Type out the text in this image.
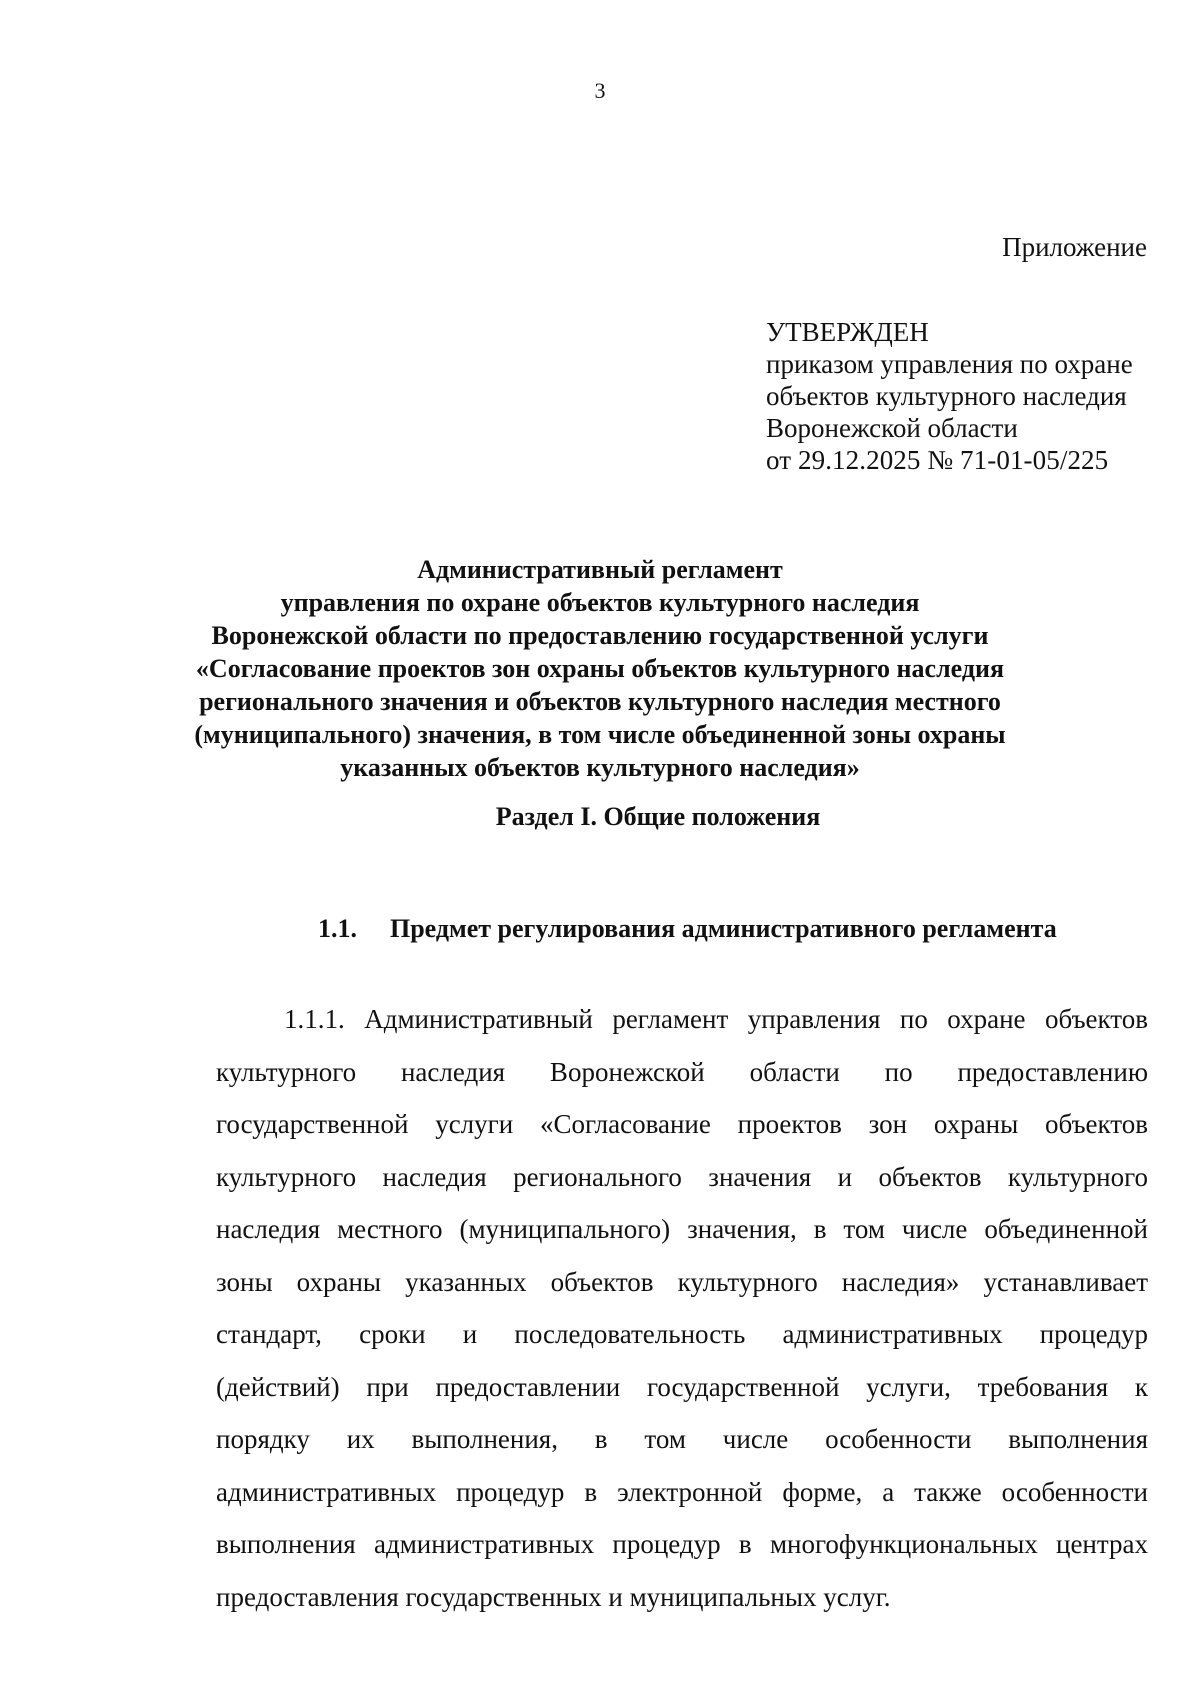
3
Приложение
УТВЕРЖДЕН
приказом управления по охране
объектов культурного наследия
Воронежской области
от 29.12.2025 № 71-01-05/225
Административный регламент
управления по охране объектов культурного наследия
Воронежской области по предоставлению государственной услуги
«Согласование проектов зон охраны объектов культурного наследия
регионального значения и объектов культурного наследия местного
(муниципального) значения, в том числе объединенной зоны охраны
указанных объектов культурного наследия»
Раздел I. Общие положения
1.1. Предмет регулирования административного регламента
1.1.1. Административный регламент управления по охране объектов
культурного наследия Воронежской области по предоставлению
государственной услуги «Согласование проектов зон охраны объектов
культурного наследия регионального значения и объектов культурного
наследия местного (муниципального) значения, в том числе объединенной
зоны охраны указанных объектов культурного наследия» устанавливает
стандарт, сроки и последовательность административных процедур
(действий) при предоставлении государственной услуги, требования к
порядку их выполнения, в том числе особенности выполнения
административных процедур в электронной форме, а также особенности
выполнения административных процедур в многофункциональных центрах
предоставления государственных и муниципальных услуг.
